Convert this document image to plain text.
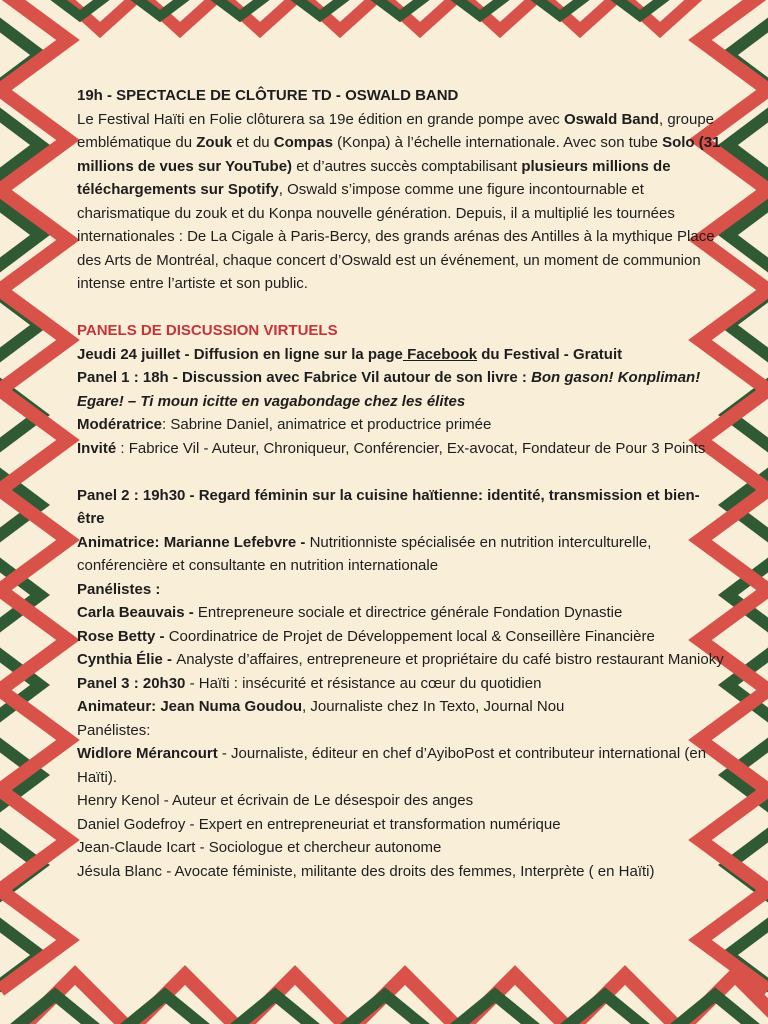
19h - SPECTACLE DE CLÔTURE TD - OSWALD BAND

Le Festival Haïti en Folie clôturera sa 19e édition en grande pompe avec Oswald Band, groupe emblématique du Zouk et du Compas (Konpa) à l’échelle internationale. Avec son tube Solo (31 millions de vues sur YouTube) et d’autres succès comptabilisant plusieurs millions de téléchargements sur Spotify, Oswald s’impose comme une figure incontournable et charismatique du zouk et du Konpa nouvelle génération. Depuis, il a multiplié les tournées internationales : De La Cigale à Paris-Bercy, des grands arénas des Antilles à la mythique Place des Arts de Montréal, chaque concert d’Oswald est un événement, un moment de communion intense entre l’artiste et son public.

PANELS DE DISCUSSION VIRTUELS

Jeudi 24 juillet - Diffusion en ligne sur la page Facebook du Festival - Gratuit

Panel 1 : 18h - Discussion avec Fabrice Vil autour de son livre : Bon gason! Konpliman! Egare! – Ti moun icitte en vagabondage chez les élites

Modératrice: Sabrine Daniel, animatrice et productrice primée

Invité : Fabrice Vil - Auteur, Chroniqueur, Conférencier, Ex-avocat, Fondateur de Pour 3 Points

Panel 2 : 19h30 - Regard féminin sur la cuisine haïtienne: identité, transmission et bien- être

Animatrice: Marianne Lefebvre - Nutritionniste spécialisée en nutrition interculturelle, conférencière et consultante en nutrition internationale

Panélistes :

Carla Beauvais - Entrepreneure sociale et directrice générale Fondation Dynastie

Rose Betty - Coordinatrice de Projet de Développement local & Conseillère Financière

Cynthia Élie - Analyste d’affaires, entrepreneure et propriétaire du café bistro restaurant Manioky

Panel 3 : 20h30 - Haïti : insécurité et résistance au cœur du quotidien

Animateur: Jean Numa Goudou, Journaliste chez In Texto, Journal Nou

Panélistes:

Widlore Mérancourt - Journaliste, éditeur en chef d’AyiboPost et contributeur international (en Haïti).

Henry Kenol - Auteur et écrivain de Le désespoir des anges

Daniel Godefroy - Expert en entrepreneuriat et transformation numérique

Jean-Claude Icart - Sociologue et chercheur autonome

Jésula Blanc - Avocate féministe, militante des droits des femmes, Interprète ( en Haïti)
